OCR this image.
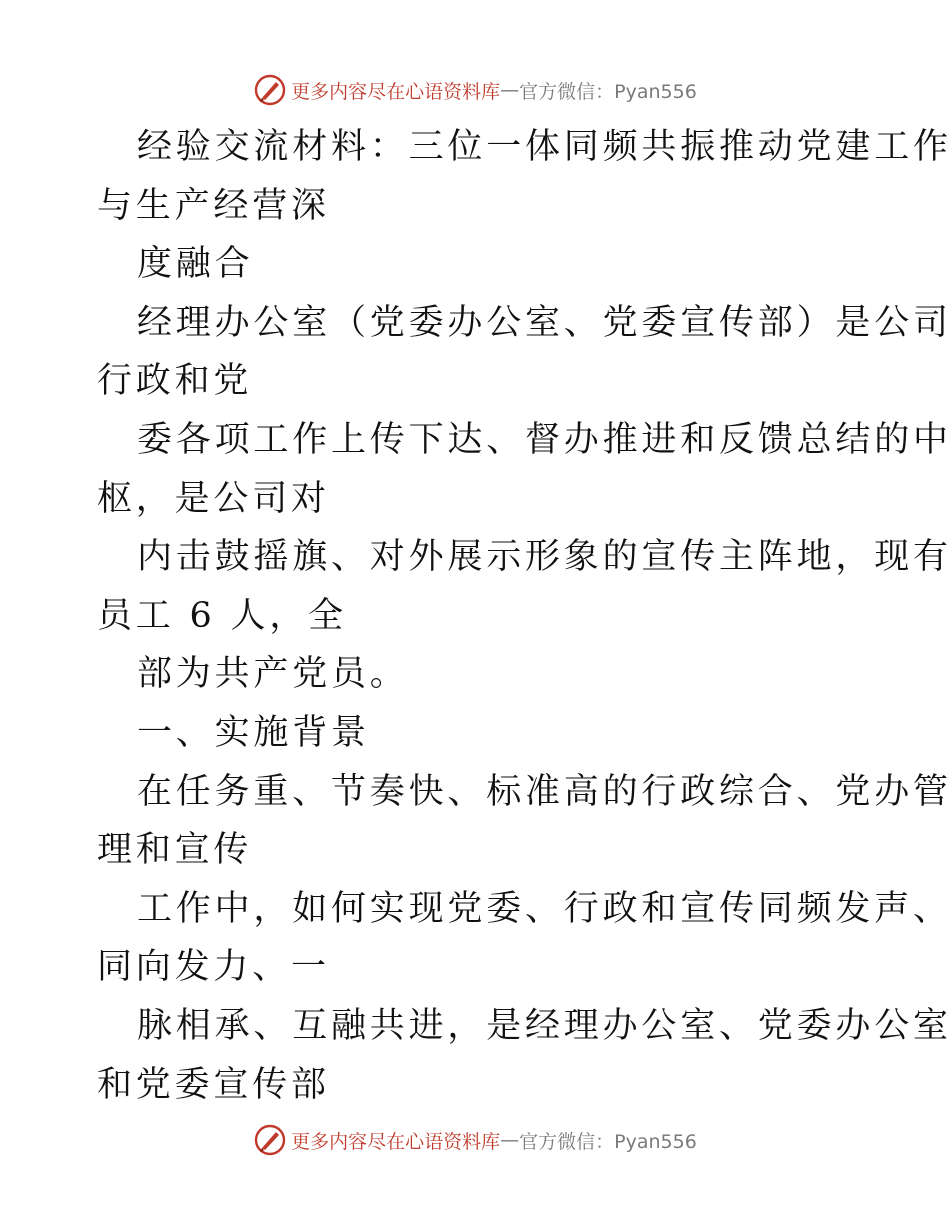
更多内容尽在心语资料库 — 官方微信：Pyan556
经验交流材料：三位一体同频共振推动党建工作
与生产经营深
度融合
经理办公室（党委办公室、党委宣传部）是公司
行政和党
委各项工作上传下达、督办推进和反馈总结的中
枢，是公司对
内击鼓摇旗、对外展示形象的宣传主阵地，现有
员工 6 人，全
部为共产党员。
一、实施背景
在任务重、节奏快、标准高的行政综合、党办管
理和宣传
工作中，如何实现党委、行政和宣传同频发声、
同向发力、一
脉相承、互融共进，是经理办公室、党委办公室
和党委宣传部
更多内容尽在心语资料库 — 官方微信：Pyan556
